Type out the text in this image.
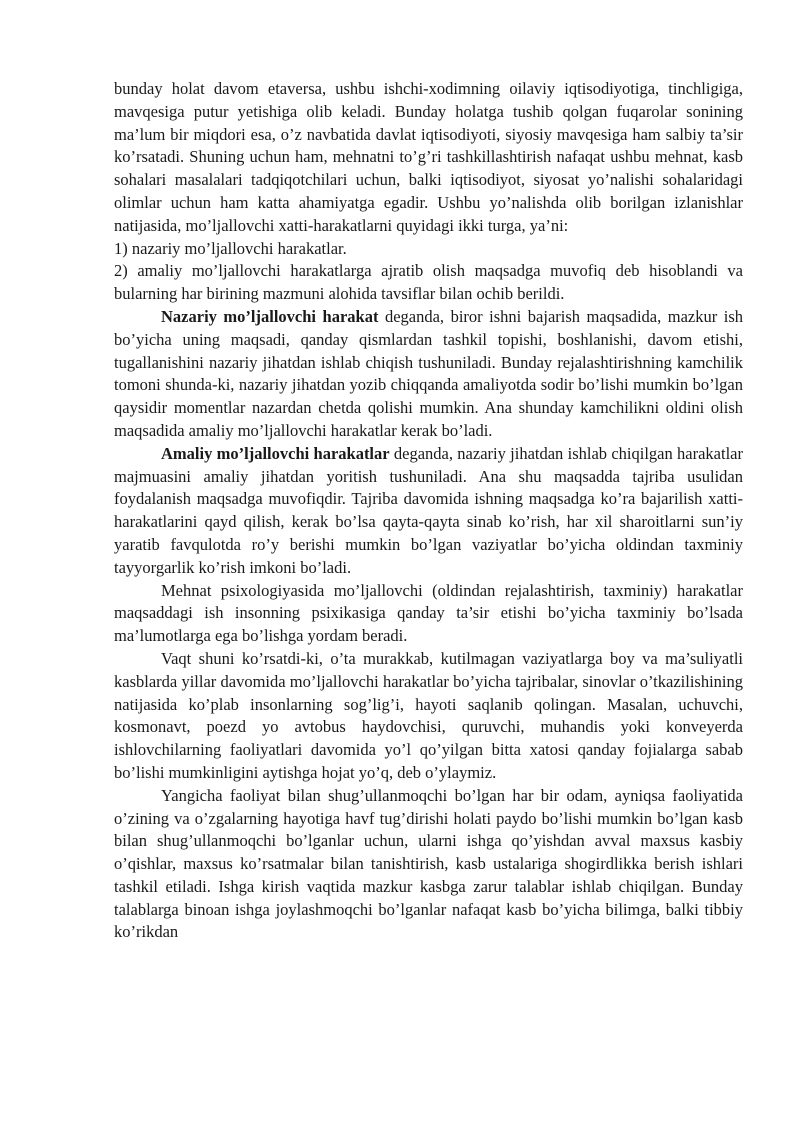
bunday holat davom etaversa, ushbu ishchi-xodimning oilaviy iqtisodiyotiga, tinchligiga, mavqesiga putur yetishiga olib keladi. Bunday holatga tushib qolgan fuqarolar sonining ma’lum bir miqdori esa, o’z navbatida davlat iqtisodiyoti, siyosiy mavqesiga ham salbiy ta’sir ko’rsatadi. Shuning uchun ham, mehnatni to’g’ri tashkillashtirish nafaqat ushbu mehnat, kasb sohalari masalalari tadqiqotchilari uchun, balki iqtisodiyot, siyosat yo’nalishi sohalaridagi olimlar uchun ham katta ahamiyatga egadir. Ushbu yo’nalishda olib borilgan izlanishlar natijasida, mo’ljallovchi xatti-harakatlarni quyidagi ikki turga, ya’ni:

1) nazariy mo’ljallovchi harakatlar.

2) amaliy mo’ljallovchi harakatlarga ajratib olish maqsadga muvofiq deb hisoblandi va bularning har birining mazmuni alohida tavsiflar bilan ochib berildi.

Nazariy mo’ljallovchi harakat deganda, biror ishni bajarish maqsadida, mazkur ish bo’yicha uning maqsadi, qanday qismlardan tashkil topishi, boshlanishi, davom etishi, tugallanishini nazariy jihatdan ishlab chiqish tushuniladi. Bunday rejalashtirishning kamchilik tomoni shunda-ki, nazariy jihatdan yozib chiqqanda amaliyotda sodir bo’lishi mumkin bo’lgan qaysidir momentlar nazardan chetda qolishi mumkin. Ana shunday kamchilikni oldini olish maqsadida amaliy mo’ljallovchi harakatlar kerak bo’ladi.

Amaliy mo’ljallovchi harakatlar deganda, nazariy jihatdan ishlab chiqilgan harakatlar majmuasini amaliy jihatdan yoritish tushuniladi. Ana shu maqsadda tajriba usulidan foydalanish maqsadga muvofiqdir. Tajriba davomida ishning maqsadga ko’ra bajarilish xatti-harakatlarini qayd qilish, kerak bo’lsa qayta-qayta sinab ko’rish, har xil sharoitlarni sun’iy yaratib favqulotda ro’y berishi mumkin bo’lgan vaziyatlar bo’yicha oldindan taxminiy tayyorgarlik ko’rish imkoni bo’ladi.

Mehnat psixologiyasida mo’ljallovchi (oldindan rejalashtirish, taxminiy) harakatlar maqsaddagi ish insonning psixikasiga qanday ta’sir etishi bo’yicha taxminiy bo’lsada ma’lumotlarga ega bo’lishga yordam beradi.

Vaqt shuni ko’rsatdi-ki, o’ta murakkab, kutilmagan vaziyatlarga boy va ma’suliyatli kasblarda yillar davomida mo’ljallovchi harakatlar bo’yicha tajribalar, sinovlar o’tkazilishining natijasida ko’plab insonlarning sog’lig’i, hayoti saqlanib qolingan. Masalan, uchuvchi, kosmonavt, poezd yo avtobus haydovchisi, quruvchi, muhandis yoki konveyerda ishlovchilarning faoliyatlari davomida yo’l qo’yilgan bitta xatosi qanday fojialarga sabab bo’lishi mumkinligini aytishga hojat yo’q, deb o’ylaymiz.

Yangicha faoliyat bilan shug’ullanmoqchi bo’lgan har bir odam, ayniqsa faoliyatida o’zining va o’zgalarning hayotiga havf tug’dirishi holati paydo bo’lishi mumkin bo’lgan kasb bilan shug’ullanmoqchi bo’lganlar uchun, ularni ishga qo’yishdan avval maxsus kasbiy o’qishlar, maxsus ko’rsatmalar bilan tanishtirish, kasb ustalariga shogirdlikka berish ishlari tashkil etiladi. Ishga kirish vaqtida mazkur kasbga zarur talablar ishlab chiqilgan. Bunday talablarga binoan ishga joylashmoqchi bo’lganlar nafaqat kasb bo’yicha bilimga, balki tibbiy ko’rikdan
